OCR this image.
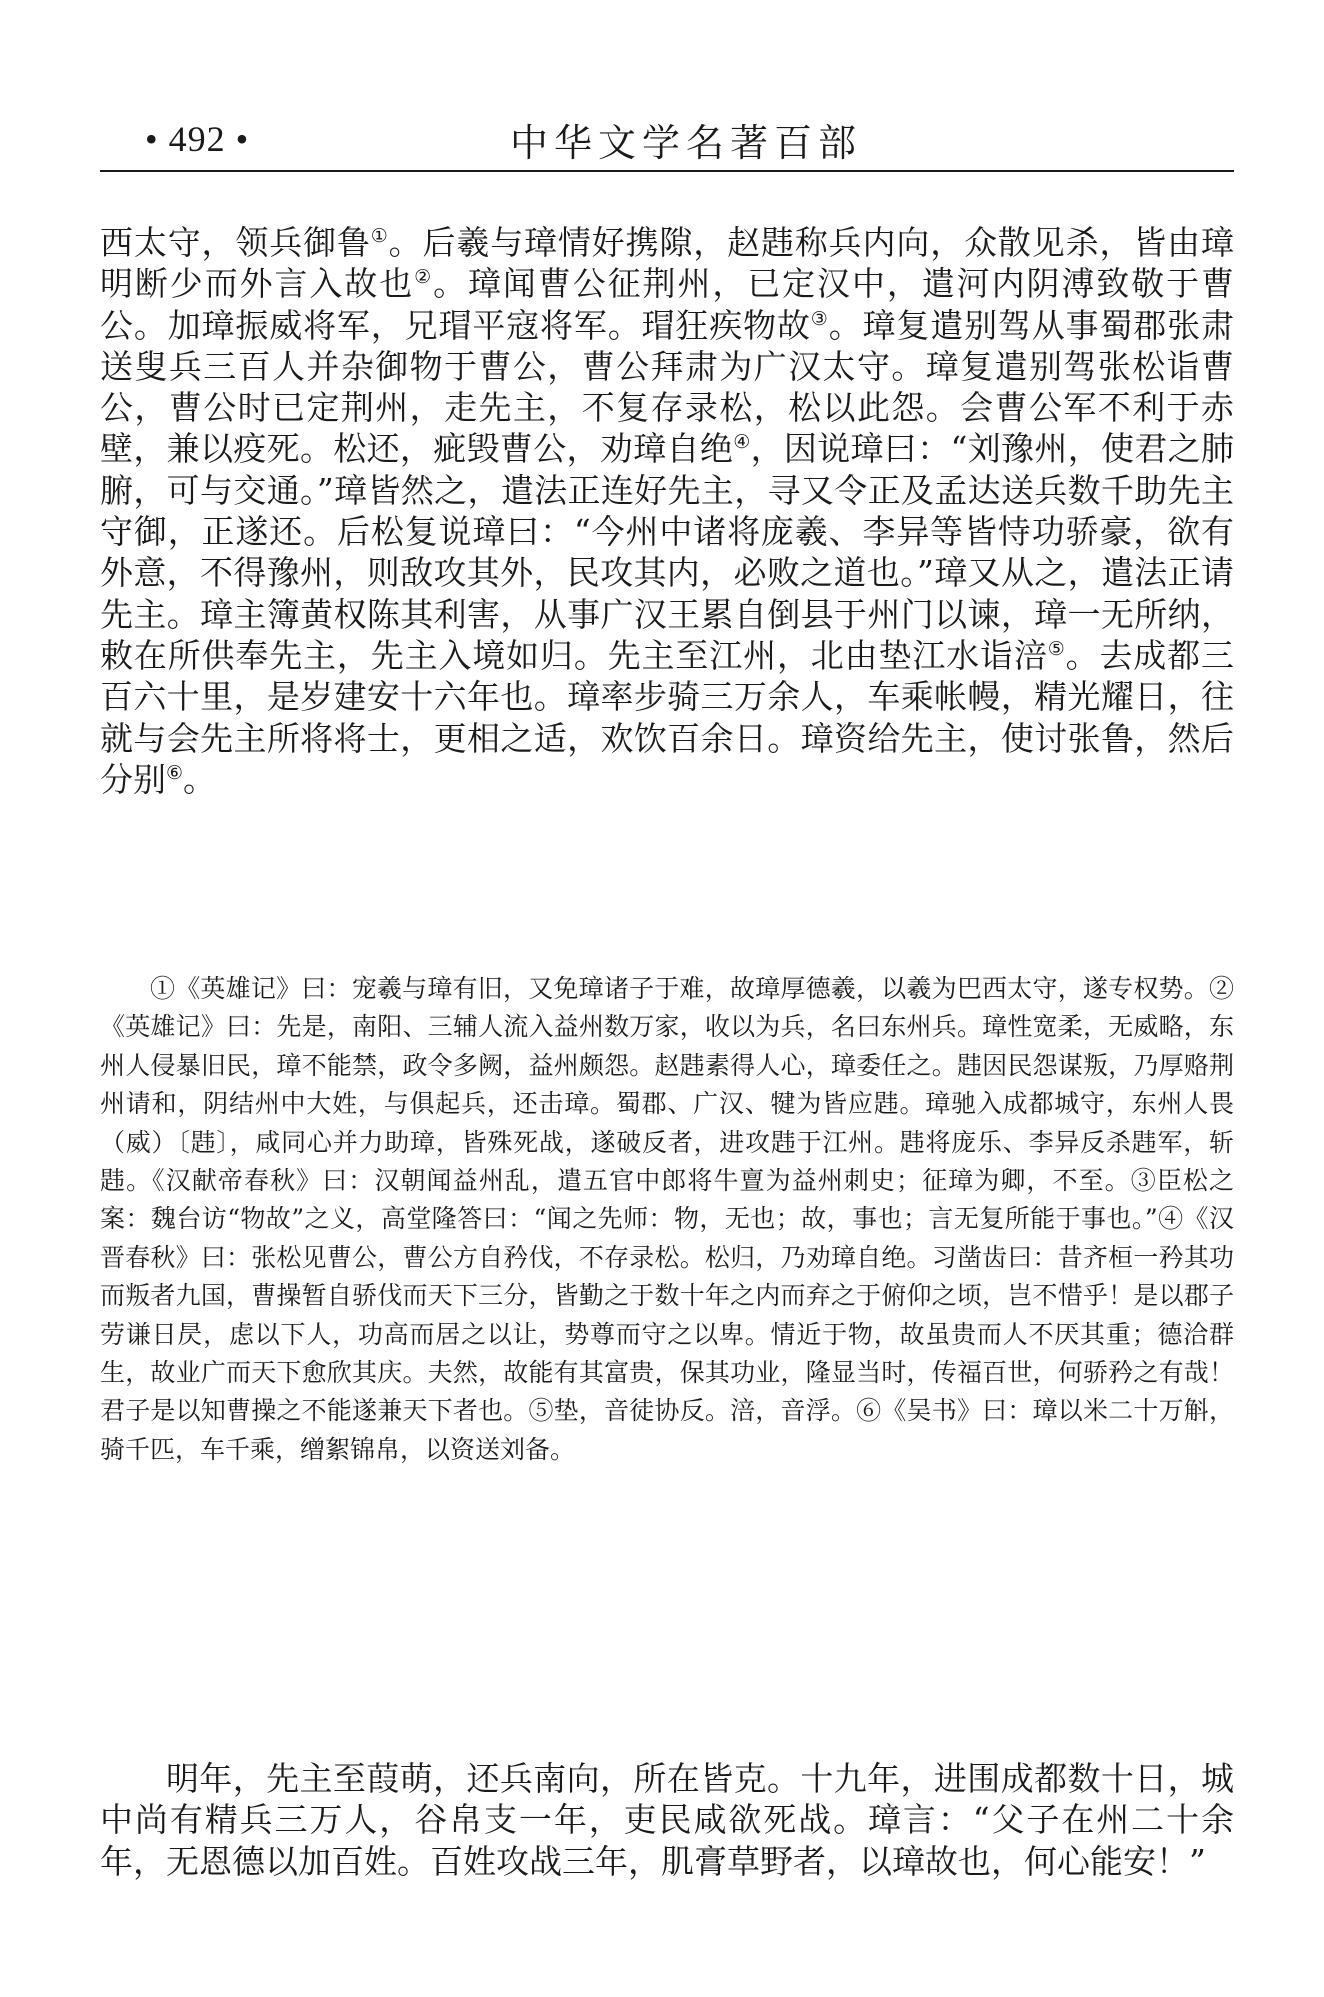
• 492 •	中华文学名著百部

西太守，领兵御鲁①。后羲与璋情好携隙，赵韪称兵内向，众散见杀，皆由璋明断少而外言入故也②。璋闻曹公征荆州，已定汉中，遣河内阴溥致敬于曹公。加璋振威将军，兄瑁平寇将军。瑁狂疾物故③。璋复遣别驾从事蜀郡张肃送叟兵三百人并杂御物于曹公，曹公拜肃为广汉太守。璋复遣别驾张松诣曹公，曹公时已定荆州，走先主，不复存录松，松以此怨。会曹公军不利于赤壁，兼以疫死。松还，疵毁曹公，劝璋自绝④，因说璋曰：“刘豫州，使君之肺腑，可与交通。”璋皆然之，遣法正连好先主，寻又令正及孟达送兵数千助先主守御，正遂还。后松复说璋曰：“今州中诸将庞羲、李异等皆恃功骄豪，欲有外意，不得豫州，则敌攻其外，民攻其内，必败之道也。”璋又从之，遣法正请先主。璋主簿黄权陈其利害，从事广汉王累自倒县于州门以谏，璋一无所纳，敕在所供奉先主，先主入境如归。先主至江州，北由垫江水诣涪⑤。去成都三百六十里，是岁建安十六年也。璋率步骑三万余人，车乘帐幔，精光耀日，往就与会先主所将将士，更相之适，欢饮百余日。璋资给先主，使讨张鲁，然后分别⑥。

①《英雄记》曰：宠羲与璋有旧，又免璋诸子于难，故璋厚德羲，以羲为巴西太守，遂专权势。②《英雄记》曰：先是，南阳、三辅人流入益州数万家，收以为兵，名曰东州兵。璋性宽柔，无威略，东州人侵暴旧民，璋不能禁，政令多阙，益州颇怨。赵韪素得人心，璋委任之。韪因民怨谋叛，乃厚赂荆州请和，阴结州中大姓，与俱起兵，还击璋。蜀郡、广汉、犍为皆应韪。璋驰入成都城守，东州人畏（威）〔韪〕，咸同心并力助璋，皆殊死战，遂破反者，进攻韪于江州。韪将庞乐、李异反杀韪军，斩韪。《汉献帝春秋》曰：汉朝闻益州乱，遣五官中郎将牛亶为益州刺史；征璋为卿，不至。③臣松之案：魏台访“物故”之义，高堂隆答曰：“闻之先师：物，无也；故，事也；言无复所能于事也。”④《汉晋春秋》曰：张松见曹公，曹公方自矜伐，不存录松。松归，乃劝璋自绝。习凿齿曰：昔齐桓一矜其功而叛者九国，曹操暂自骄伐而天下三分，皆勤之于数十年之内而弃之于俯仰之顷，岂不惜乎！是以郡子劳谦日昃，虑以下人，功高而居之以让，势尊而守之以卑。情近于物，故虽贵而人不厌其重；德洽群生，故业广而天下愈欣其庆。夫然，故能有其富贵，保其功业，隆显当时，传福百世，何骄矜之有哉！君子是以知曹操之不能遂兼天下者也。⑤垫，音徒协反。涪，音浮。⑥《吴书》曰：璋以米二十万斛，骑千匹，车千乘，缯絮锦帛，以资送刘备。

明年，先主至葭萌，还兵南向，所在皆克。十九年，进围成都数十日，城中尚有精兵三万人，谷帛支一年，吏民咸欲死战。璋言：“父子在州二十余年，无恩德以加百姓。百姓攻战三年，肌膏草野者，以璋故也，何心能安！”
